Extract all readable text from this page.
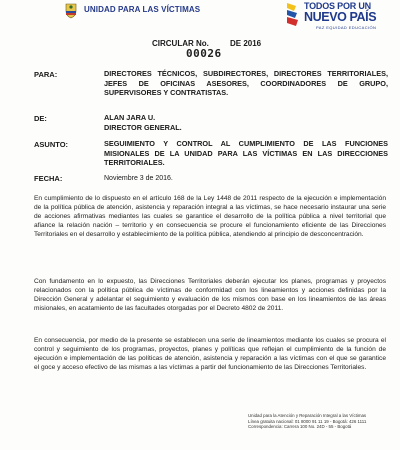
UNIDAD PARA LAS VÍCTIMAS	TODOS POR UN
NUEVO PAÍS
PAZ EQUIDAD EDUCACIÓN
CIRCULAR No.	DE 2016
00026
PARA:	DIRECTORES TÉCNICOS, SUBDIRECTORES, DIRECTORES TERRITORIALES, JEFES DE OFICINAS ASESORES, COORDINADORES DE GRUPO, SUPERVISORES Y CONTRATISTAS.
DE:	ALAN JARA U.
DIRECTOR GENERAL.
ASUNTO:	SEGUIMIENTO Y CONTROL AL CUMPLIMIENTO DE LAS FUNCIONES MISIONALES DE LA UNIDAD PARA LAS VÍCTIMAS EN LAS DIRECCIONES TERRITORIALES.
FECHA:	Noviembre 3 de 2016.
En cumplimiento de lo dispuesto en el artículo 168 de la Ley 1448 de 2011 respecto de la ejecución e implementación de la política pública de atención, asistencia y reparación integral a las víctimas, se hace necesario instaurar una serie de acciones afirmativas mediantes las cuales se garantice el desarrollo de la política pública a nivel territorial que afiance la relación nación – territorio y en consecuencia se procure el funcionamiento eficiente de las Direcciones Territoriales en el desarrollo y establecimiento de la política pública, atendiendo al principio de desconcentración.
Con fundamento en lo expuesto, las Direcciones Territoriales deberán ejecutar los planes, programas y proyectos relacionados con la política pública de víctimas de conformidad con los lineamientos y acciones definidas por la Dirección General y adelantar el seguimiento y evaluación de los mismos con base en los lineamientos de las áreas misionales, en acatamiento de las facultades otorgadas por el Decreto 4802 de 2011.
En consecuencia, por medio de la presente se establecen una serie de lineamientos mediante los cuales se procura el control y seguimiento de los programas, proyectos, planes y políticas que reflejan el cumplimiento de la función de ejecución e implementación de las políticas de atención, asistencia y reparación a las víctimas con el que se garantice el goce y acceso efectivo de las mismas a las víctimas a partir del funcionamiento de las Direcciones Territoriales.
Unidad para la Atención y Reparación Integral a las Víctimas
Línea gratuita nacional: 01 8000 91 11 19 - Bogotá: 426 1111
Correspondencia: Carrera 100 No. 24D - 55 - Bogotá
